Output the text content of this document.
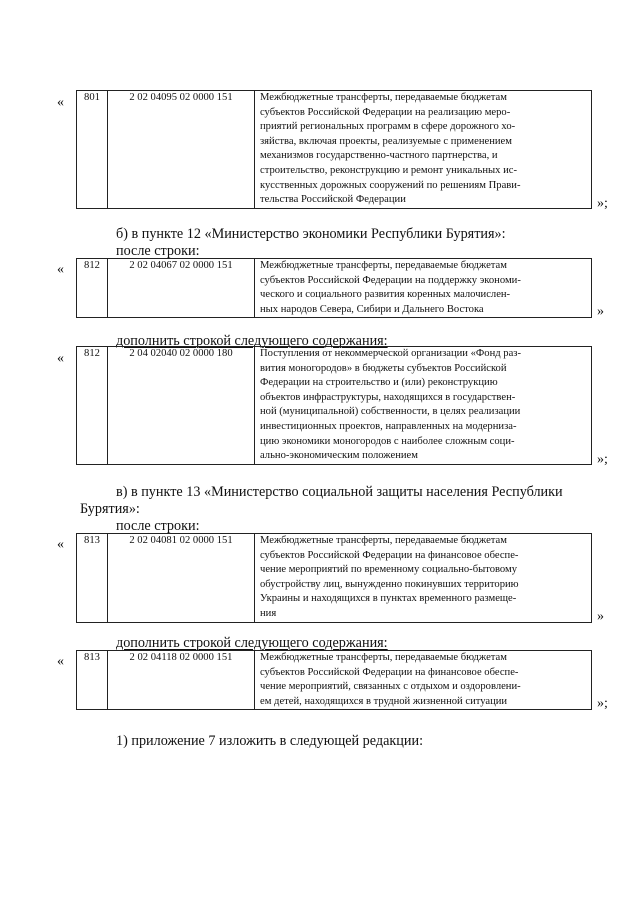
« 801	2 02 04095 02 0000 151	Межбюджетные трансферты, передаваемые бюджетам
субъектов Российской Федерации на реализацию меро-
приятий региональных программ в сфере дорожного хо-
зяйства, включая проекты, реализуемые с применением
механизмов государственно-частного партнерства, и
строительство, реконструкцию и ремонт уникальных ис-
кусственных дорожных сооружений по решениям Прави-
тельства Российской Федерации	»;
б) в пункте 12 «Министерство экономики Республики Бурятия»:
после строки:
« 812	2 02 04067 02 0000 151	Межбюджетные трансферты, передаваемые бюджетам
субъектов Российской Федерации на поддержку экономи-
ческого и социального развития коренных малочислен-
ных народов Севера, Сибири и Дальнего Востока	»
дополнить строкой следующего содержания:
« 812	2 04 02040 02 0000 180	Поступления от некоммерческой организации «Фонд раз-
вития моногородов» в бюджеты субъектов Российской
Федерации на строительство и (или) реконструкцию
объектов инфраструктуры, находящихся в государствен-
ной (муниципальной) собственности, в целях реализации
инвестиционных проектов, направленных на модерниза-
цию экономики моногородов с наиболее сложным соци-
ально-экономическим положением	»;
в) в пункте 13 «Министерство социальной защиты населения Республики
Бурятия»:
после строки:
« 813	2 02 04081 02 0000 151	Межбюджетные трансферты, передаваемые бюджетам
субъектов Российской Федерации на финансовое обеспе-
чение мероприятий по временному социально-бытовому
обустройству лиц, вынужденно покинувших территорию
Украины и находящихся в пунктах временного размеще-
ния	»
дополнить строкой следующего содержания:
« 813	2 02 04118 02 0000 151	Межбюджетные трансферты, передаваемые бюджетам
субъектов Российской Федерации на финансовое обеспе-
чение мероприятий, связанных с отдыхом и оздоровлени-
ем детей, находящихся в трудной жизненной ситуации	»;
1) приложение 7 изложить в следующей редакции:
